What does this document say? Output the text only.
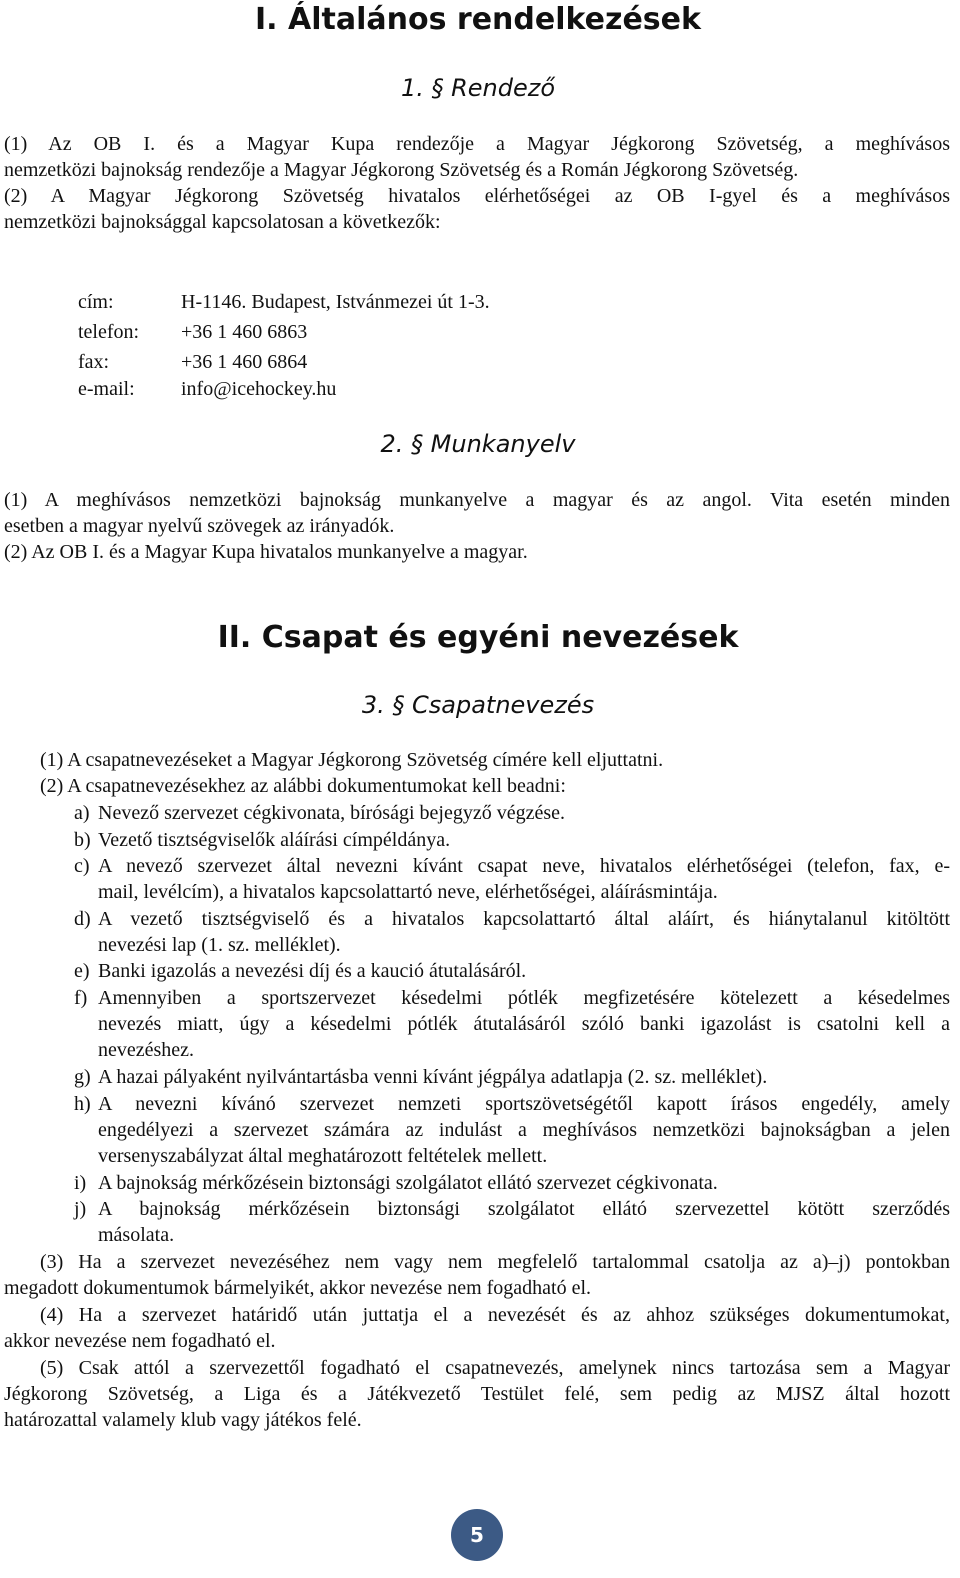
I. Általános rendelkezések
1. § Rendező
(1) Az OB I. és a Magyar Kupa rendezője a Magyar Jégkorong Szövetség, a meghívásos
nemzetközi bajnokság rendezője a Magyar Jégkorong Szövetség és a Román Jégkorong Szövetség.
(2) A Magyar Jégkorong Szövetség hivatalos elérhetőségei az OB I-gyel és a meghívásos
nemzetközi bajnoksággal kapcsolatosan a következők:
cím:	H-1146. Budapest, Istvánmezei út 1-3.
telefon: +36 1 460 6863
fax:	+36 1 460 6864
e-mail: info@icehockey.hu
2. § Munkanyelv
(1) A meghívásos nemzetközi bajnokság munkanyelve a magyar és az angol. Vita esetén minden
esetben a magyar nyelvű szövegek az irányadók.
(2) Az OB I. és a Magyar Kupa hivatalos munkanyelve a magyar.
II. Csapat és egyéni nevezések
3. § Csapatnevezés
(1) A csapatnevezéseket a Magyar Jégkorong Szövetség címére kell eljuttatni.
(2) A csapatnevezésekhez az alábbi dokumentumokat kell beadni:
a) Nevező szervezet cégkivonata, bírósági bejegyző végzése.
b) Vezető tisztségviselők aláírási címpéldánya.
c) A nevező szervezet által nevezni kívánt csapat neve, hivatalos elérhetőségei (telefon, fax, e-
mail, levélcím), a hivatalos kapcsolattartó neve, elérhetőségei, aláírásmintája.
d) A vezető tisztségviselő és a hivatalos kapcsolattartó által aláírt, és hiánytalanul kitöltött
nevezési lap (1. sz. melléklet).
e) Banki igazolás a nevezési díj és a kaució átutalásáról.
f) Amennyiben a sportszervezet késedelmi pótlék megfizetésére kötelezett a késedelmes
nevezés miatt, úgy a késedelmi pótlék átutalásáról szóló banki igazolást is csatolni kell a
nevezéshez.
g) A hazai pályaként nyilvántartásba venni kívánt jégpálya adatlapja (2. sz. melléklet).
h) A nevezni kívánó szervezet nemzeti sportszövetségétől kapott írásos engedély, amely
engedélyezi a szervezet számára az indulást a meghívásos nemzetközi bajnokságban a jelen
versenyszabályzat által meghatározott feltételek mellett.
i) A bajnokság mérkőzésein biztonsági szolgálatot ellátó szervezet cégkivonata.
j) A bajnokság mérkőzésein biztonsági szolgálatot ellátó szervezettel kötött szerződés
másolata.
(3) Ha a szervezet nevezéséhez nem vagy nem megfelelő tartalommal csatolja az a)–j) pontokban
megadott dokumentumok bármelyikét, akkor nevezése nem fogadható el.
(4) Ha a szervezet határidő után juttatja el a nevezését és az ahhoz szükséges dokumentumokat,
akkor nevezése nem fogadható el.
(5) Csak attól a szervezettől fogadható el csapatnevezés, amelynek nincs tartozása sem a Magyar
Jégkorong Szövetség, a Liga és a Játékvezető Testület felé, sem pedig az MJSZ által hozott
határozattal valamely klub vagy játékos felé.
5
